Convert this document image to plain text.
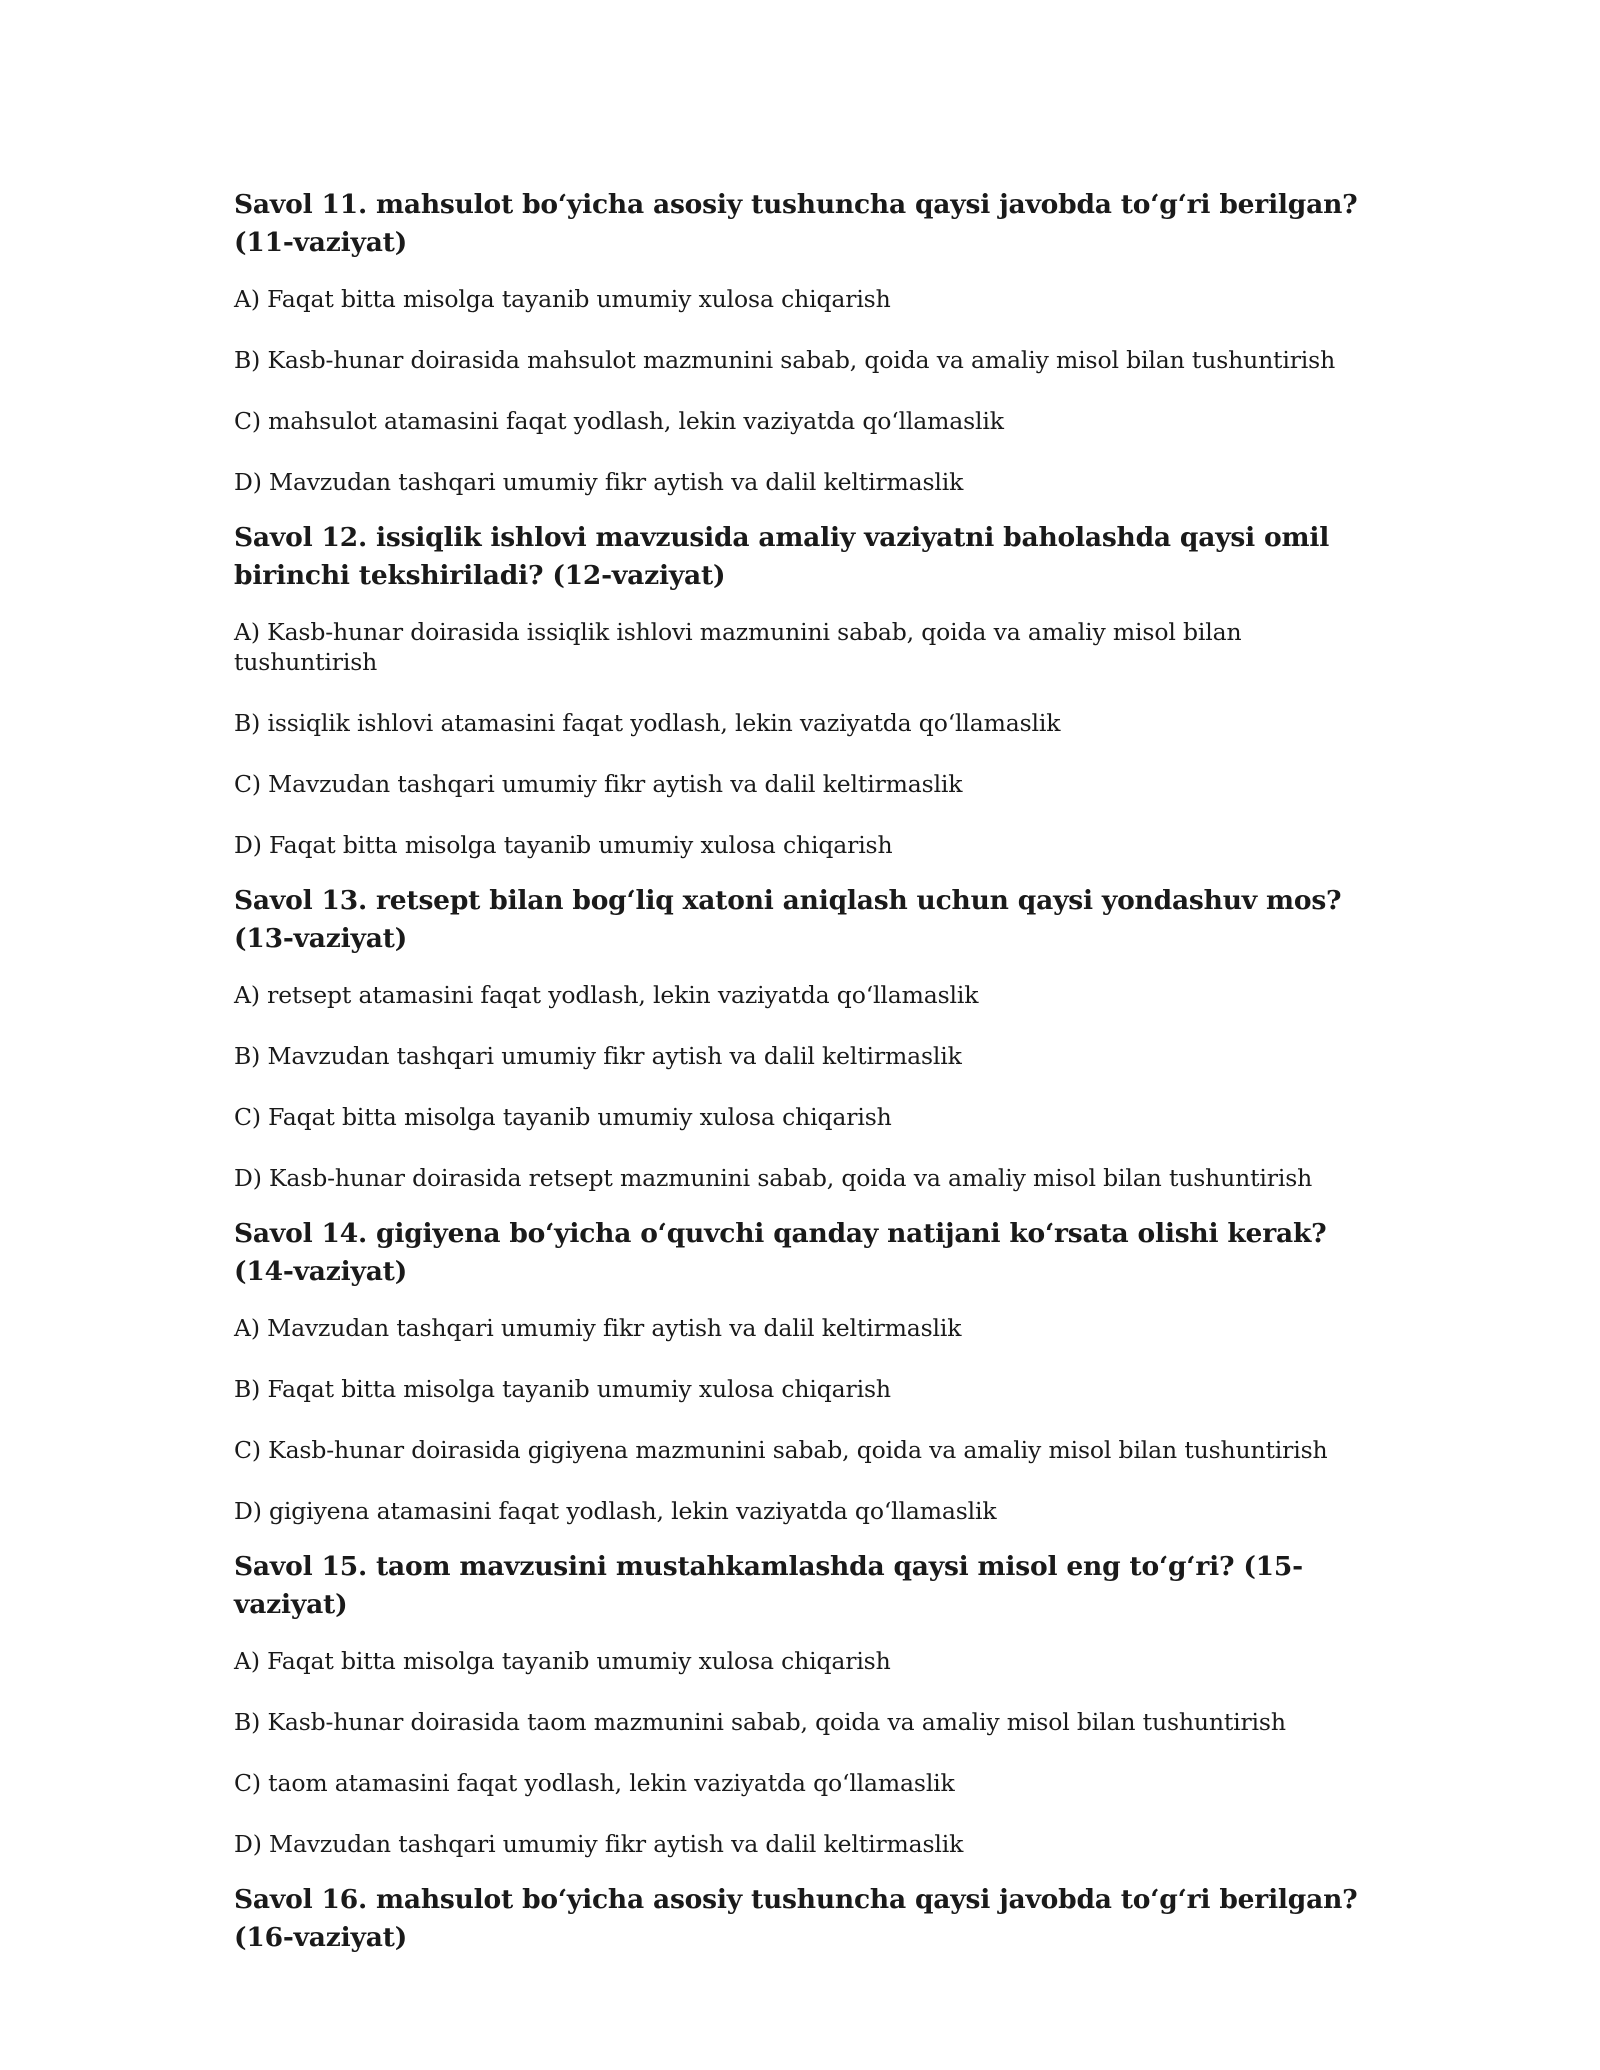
Savol 11. mahsulot bo‘yicha asosiy tushuncha qaysi javobda to‘g‘ri berilgan? (11-vaziyat)

A) Faqat bitta misolga tayanib umumiy xulosa chiqarish

B) Kasb-hunar doirasida mahsulot mazmunini sabab, qoida va amaliy misol bilan tushuntirish

C) mahsulot atamasini faqat yodlash, lekin vaziyatda qo‘llamaslik

D) Mavzudan tashqari umumiy fikr aytish va dalil keltirmaslik

Savol 12. issiqlik ishlovi mavzusida amaliy vaziyatni baholashda qaysi omil birinchi tekshiriladi? (12-vaziyat)

A) Kasb-hunar doirasida issiqlik ishlovi mazmunini sabab, qoida va amaliy misol bilan tushuntirish

B) issiqlik ishlovi atamasini faqat yodlash, lekin vaziyatda qo‘llamaslik

C) Mavzudan tashqari umumiy fikr aytish va dalil keltirmaslik

D) Faqat bitta misolga tayanib umumiy xulosa chiqarish

Savol 13. retsept bilan bog‘liq xatoni aniqlash uchun qaysi yondashuv mos? (13-vaziyat)

A) retsept atamasini faqat yodlash, lekin vaziyatda qo‘llamaslik

B) Mavzudan tashqari umumiy fikr aytish va dalil keltirmaslik

C) Faqat bitta misolga tayanib umumiy xulosa chiqarish

D) Kasb-hunar doirasida retsept mazmunini sabab, qoida va amaliy misol bilan tushuntirish

Savol 14. gigiyena bo‘yicha o‘quvchi qanday natijani ko‘rsata olishi kerak? (14-vaziyat)

A) Mavzudan tashqari umumiy fikr aytish va dalil keltirmaslik

B) Faqat bitta misolga tayanib umumiy xulosa chiqarish

C) Kasb-hunar doirasida gigiyena mazmunini sabab, qoida va amaliy misol bilan tushuntirish

D) gigiyena atamasini faqat yodlash, lekin vaziyatda qo‘llamaslik

Savol 15. taom mavzusini mustahkamlashda qaysi misol eng to‘g‘ri? (15-vaziyat)

A) Faqat bitta misolga tayanib umumiy xulosa chiqarish

B) Kasb-hunar doirasida taom mazmunini sabab, qoida va amaliy misol bilan tushuntirish

C) taom atamasini faqat yodlash, lekin vaziyatda qo‘llamaslik

D) Mavzudan tashqari umumiy fikr aytish va dalil keltirmaslik

Savol 16. mahsulot bo‘yicha asosiy tushuncha qaysi javobda to‘g‘ri berilgan? (16-vaziyat)
